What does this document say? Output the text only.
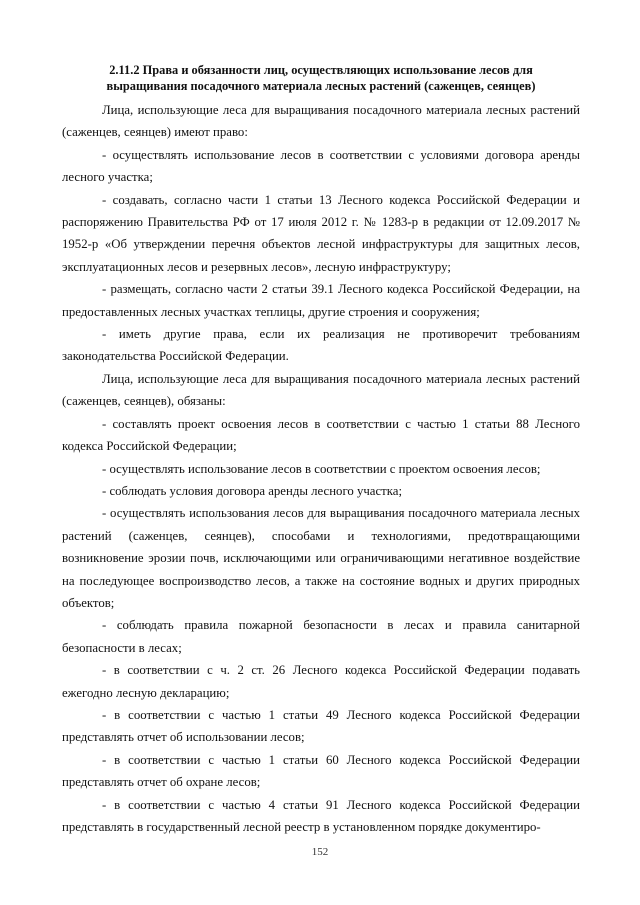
2.11.2 Права и обязанности лиц, осуществляющих использование лесов для выращивания посадочного материала лесных растений (саженцев, сеянцев)

Лица, использующие леса для выращивания посадочного материала лесных растений (саженцев, сеянцев) имеют право:

- осуществлять использование лесов в соответствии с условиями договора аренды лесного участка;

- создавать, согласно части 1 статьи 13 Лесного кодекса Российской Федерации и распоряжению Правительства РФ от 17 июля 2012 г. № 1283-р в редакции от 12.09.2017 № 1952-р «Об утверждении перечня объектов лесной инфраструктуры для защитных лесов, эксплуатационных лесов и резервных лесов», лесную инфраструктуру;

- размещать, согласно части 2 статьи 39.1 Лесного кодекса Российской Федерации, на предоставленных лесных участках теплицы, другие строения и сооружения;

- иметь другие права, если их реализация не противоречит требованиям законодательства Российской Федерации.

Лица, использующие леса для выращивания посадочного материала лесных растений (саженцев, сеянцев), обязаны:

- составлять проект освоения лесов в соответствии с частью 1 статьи 88 Лесного кодекса Российской Федерации;

- осуществлять использование лесов в соответствии с проектом освоения лесов;

- соблюдать условия договора аренды лесного участка;

- осуществлять использования лесов для выращивания посадочного материала лесных растений (саженцев, сеянцев), способами и технологиями, предотвращающими возникновение эрозии почв, исключающими или ограничивающими негативное воздействие на последующее воспроизводство лесов, а также на состояние водных и других природных объектов;

- соблюдать правила пожарной безопасности в лесах и правила санитарной безопасности в лесах;

- в соответствии с ч. 2 ст. 26 Лесного кодекса Российской Федерации подавать ежегодно лесную декларацию;

- в соответствии с частью 1 статьи 49 Лесного кодекса Российской Федерации представлять отчет об использовании лесов;

- в соответствии с частью 1 статьи 60 Лесного кодекса Российской Федерации представлять отчет об охране лесов;

- в соответствии с частью 4 статьи 91 Лесного кодекса Российской Федерации представлять в государственный лесной реестр в установленном порядке документиро-

152
